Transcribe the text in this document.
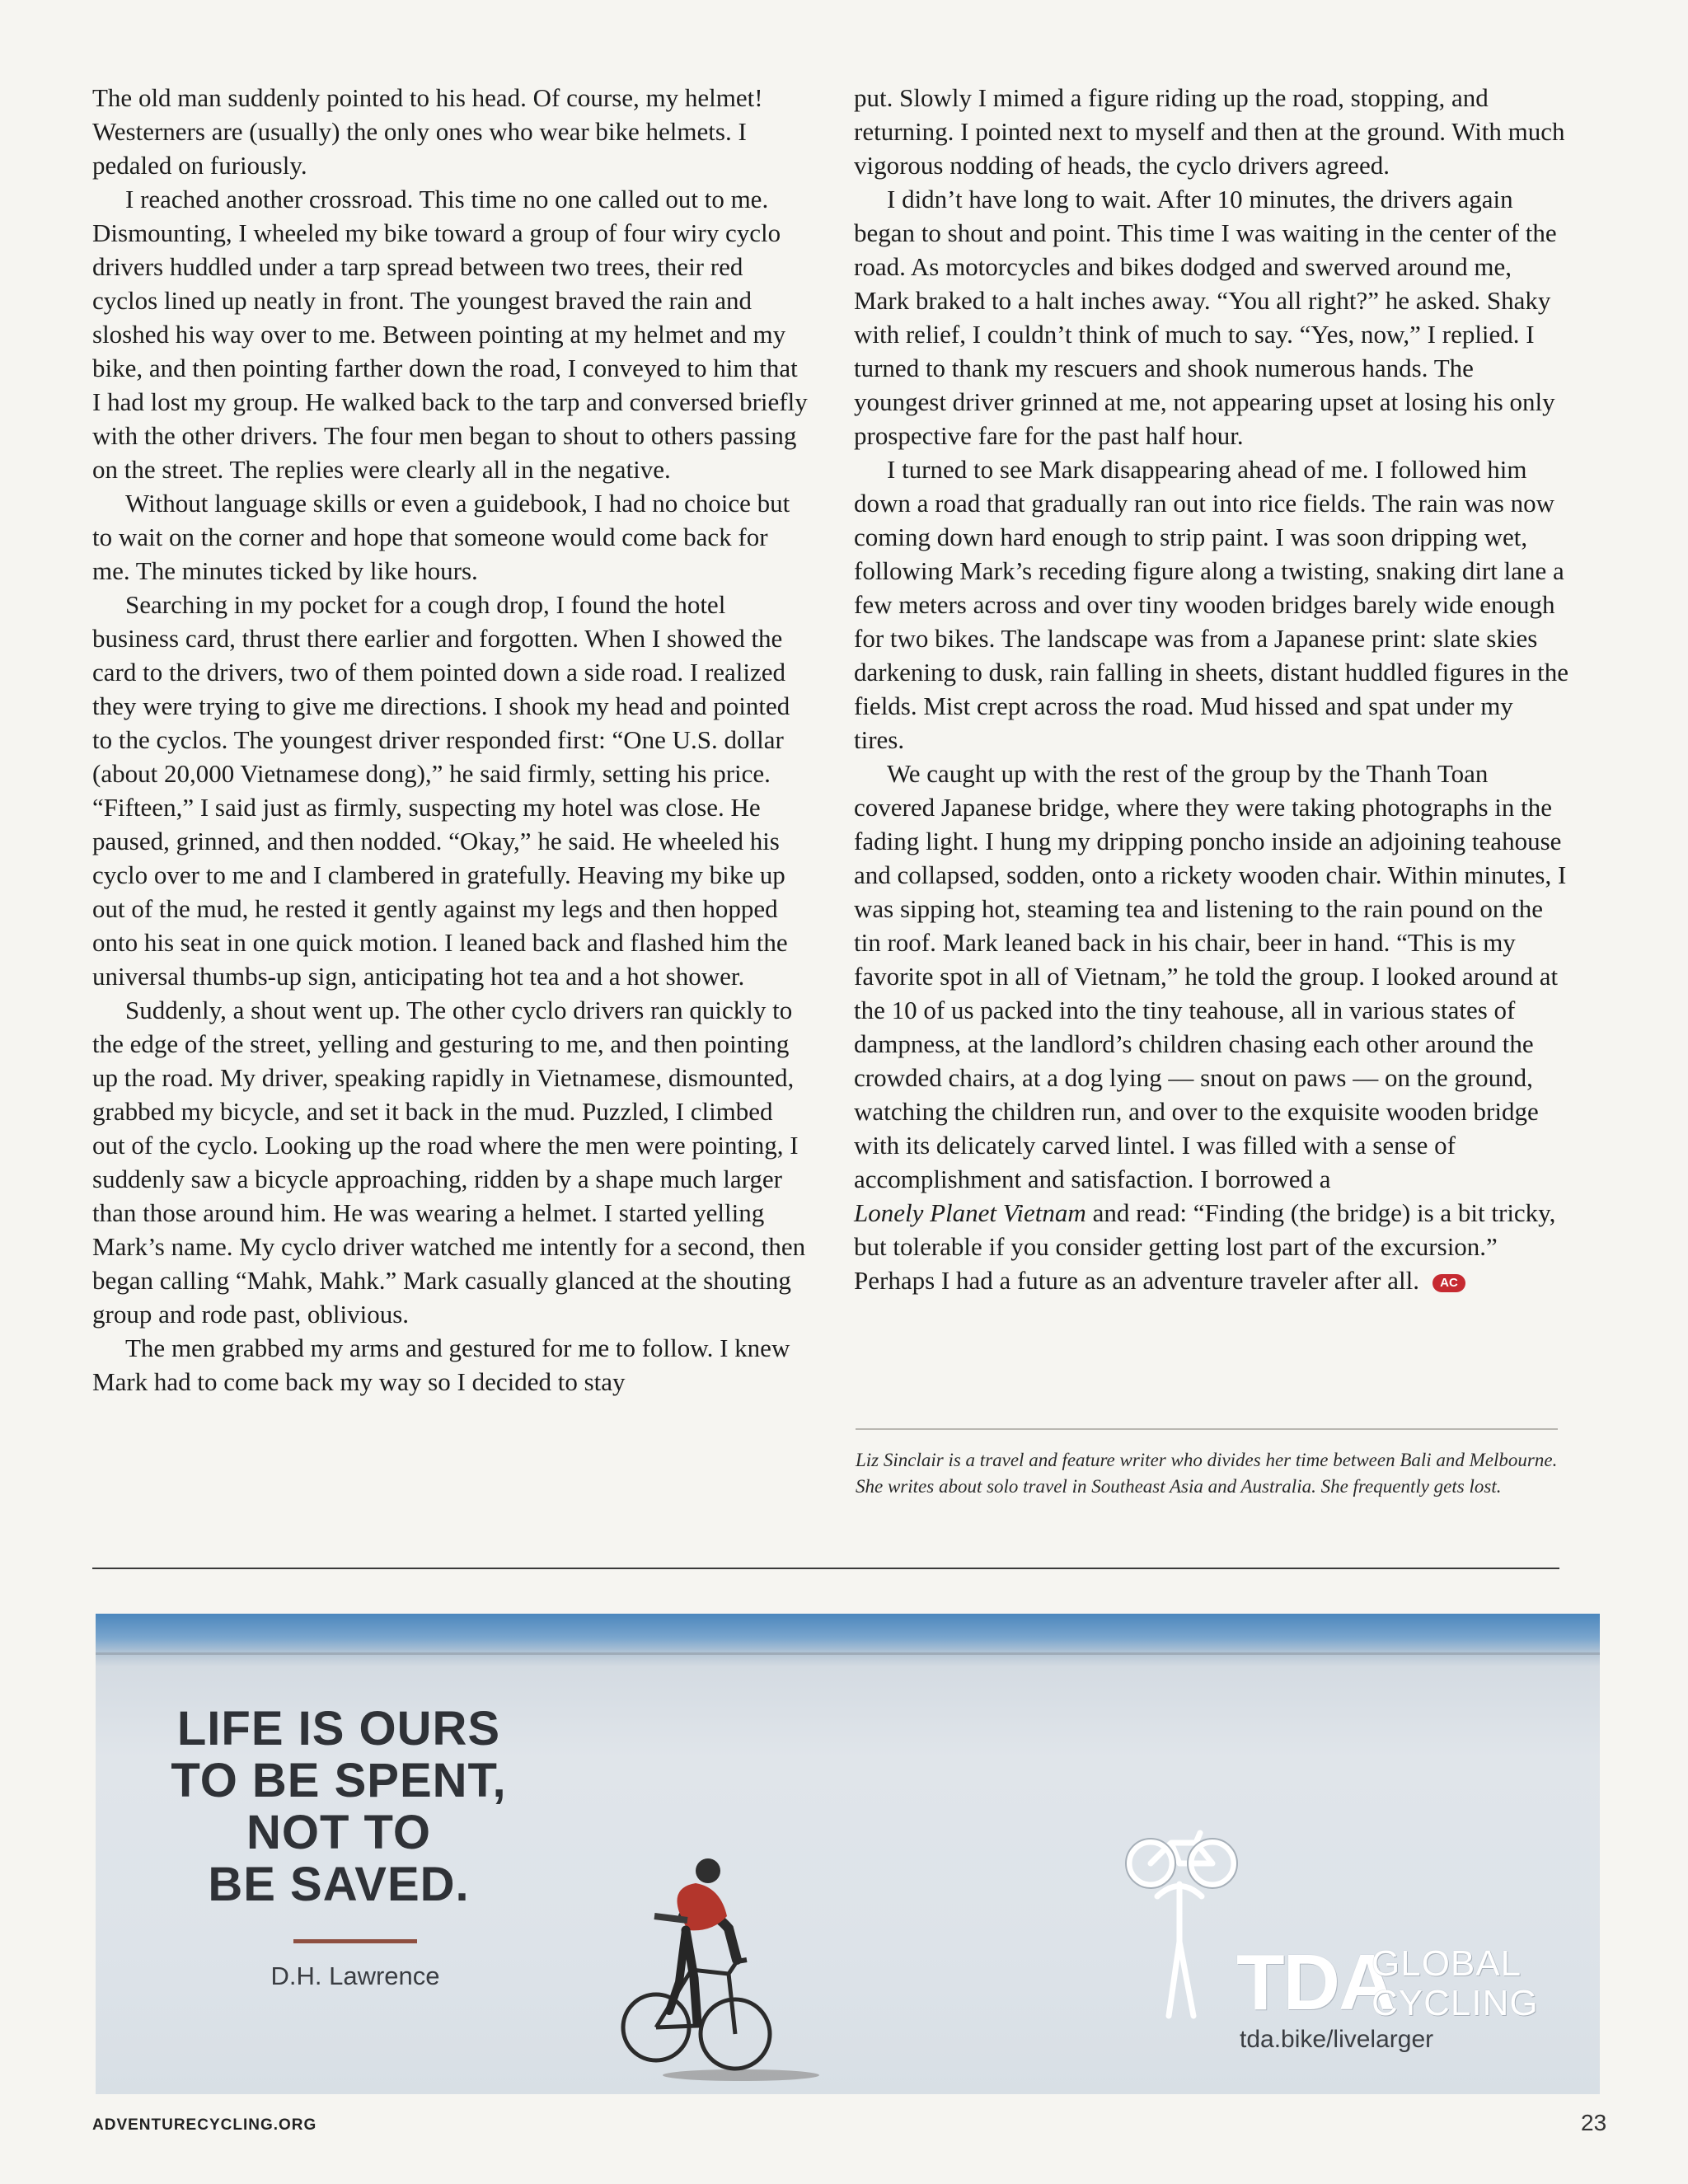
The old man suddenly pointed to his head. Of course, my helmet! Westerners are (usually) the only ones who wear bike helmets. I pedaled on furiously.

I reached another crossroad. This time no one called out to me. Dismounting, I wheeled my bike toward a group of four wiry cyclo drivers huddled under a tarp spread between two trees, their red cyclos lined up neatly in front. The youngest braved the rain and sloshed his way over to me. Between pointing at my helmet and my bike, and then pointing farther down the road, I conveyed to him that I had lost my group. He walked back to the tarp and conversed briefly with the other drivers. The four men began to shout to others passing on the street. The replies were clearly all in the negative.

Without language skills or even a guidebook, I had no choice but to wait on the corner and hope that someone would come back for me. The minutes ticked by like hours.

Searching in my pocket for a cough drop, I found the hotel business card, thrust there earlier and forgotten. When I showed the card to the drivers, two of them pointed down a side road. I realized they were trying to give me directions. I shook my head and pointed to the cyclos. The youngest driver responded first: “One U.S. dollar (about 20,000 Vietnamese dong),” he said firmly, setting his price. “Fifteen,” I said just as firmly, suspecting my hotel was close. He paused, grinned, and then nodded. “Okay,” he said. He wheeled his cyclo over to me and I clambered in gratefully. Heaving my bike up out of the mud, he rested it gently against my legs and then hopped onto his seat in one quick motion. I leaned back and flashed him the universal thumbs-up sign, anticipating hot tea and a hot shower.

Suddenly, a shout went up. The other cyclo drivers ran quickly to the edge of the street, yelling and gesturing to me, and then pointing up the road. My driver, speaking rapidly in Vietnamese, dismounted, grabbed my bicycle, and set it back in the mud. Puzzled, I climbed out of the cyclo. Looking up the road where the men were pointing, I suddenly saw a bicycle approaching, ridden by a shape much larger than those around him. He was wearing a helmet. I started yelling Mark’s name. My cyclo driver watched me intently for a second, then began calling “Mahk, Mahk.” Mark casually glanced at the shouting group and rode past, oblivious.

The men grabbed my arms and gestured for me to follow. I knew Mark had to come back my way so I decided to stay

put. Slowly I mimed a figure riding up the road, stopping, and returning. I pointed next to myself and then at the ground. With much vigorous nodding of heads, the cyclo drivers agreed.

I didn’t have long to wait. After 10 minutes, the drivers again began to shout and point. This time I was waiting in the center of the road. As motorcycles and bikes dodged and swerved around me, Mark braked to a halt inches away. “You all right?” he asked. Shaky with relief, I couldn’t think of much to say. “Yes, now,” I replied. I turned to thank my rescuers and shook numerous hands. The youngest driver grinned at me, not appearing upset at losing his only prospective fare for the past half hour.

I turned to see Mark disappearing ahead of me. I followed him down a road that gradually ran out into rice fields. The rain was now coming down hard enough to strip paint. I was soon dripping wet, following Mark’s receding figure along a twisting, snaking dirt lane a few meters across and over tiny wooden bridges barely wide enough for two bikes. The landscape was from a Japanese print: slate skies darkening to dusk, rain falling in sheets, distant huddled figures in the fields. Mist crept across the road. Mud hissed and spat under my tires.

We caught up with the rest of the group by the Thanh Toan covered Japanese bridge, where they were taking photographs in the fading light. I hung my dripping poncho inside an adjoining teahouse and collapsed, sodden, onto a rickety wooden chair. Within minutes, I was sipping hot, steaming tea and listening to the rain pound on the tin roof. Mark leaned back in his chair, beer in hand. “This is my favorite spot in all of Vietnam,” he told the group. I looked around at the 10 of us packed into the tiny teahouse, all in various states of dampness, at the landlord’s children chasing each other around the crowded chairs, at a dog lying — snout on paws — on the ground, watching the children run, and over to the exquisite wooden bridge with its delicately carved lintel. I was filled with a sense of accomplishment and satisfaction. I borrowed a

Lonely Planet Vietnam and read: “Finding (the bridge) is a bit tricky, but tolerable if you consider getting lost part of the excursion.” Perhaps I had a future as an adventure traveler after all. AC

Liz Sinclair is a travel and feature writer who divides her time between Bali and Melbourne. She writes about solo travel in Southeast Asia and Australia. She frequently gets lost.
LIFE IS OURS
TO BE SPENT,
NOT TO
BE SAVED.
D.H. Lawrence	TDA
GLOBAL
CYCLING
tda.bike/livelarger
ADVENTURECYCLING.ORG	23
